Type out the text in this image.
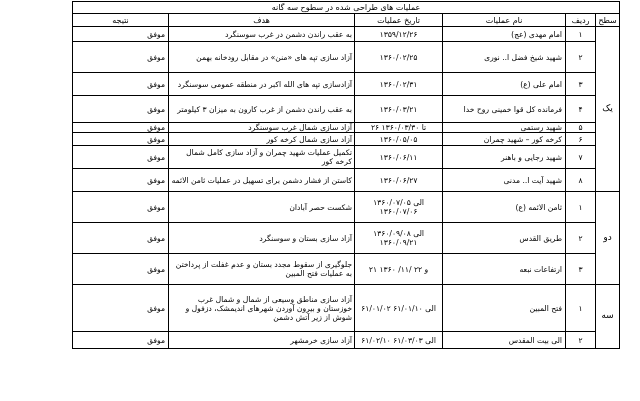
عملیات های طراحی شده در سطوح سه گانه					
سطح	ردیف	نام عملیات	تاریخ عملیات	هدف	نتیجه
یک	۱	امام مهدی (عج)	۱۳۵۹/۱۲/۲۶	به عقب راندن دشمن در غرب سوسنگرد	موفق
	۲	شهید شیخ فضل ا.. نوری	۱۳۶۰/۰۲/۲۵	آزاد سازی تپه های «منن» در مقابل رودخانه بهمن	موفق
	۳	امام علی (ع)	۱۳۶۰/۰۲/۳۱	آزادسازی تپه های الله اکبر در منطقه عمومی سوسنگرد	موفق
	۴	فرمانده کل قوا خمینی روح خدا	۱۳۶۰/۰۳/۲۱	به عقب راندن دشمن از غرب کارون به میزان ۳ کیلومتر	موفق
	۵	شهید رستمی	۲۶ تا ۱۳۶۰/۰۳/۳۰	آزاد سازی شمال غرب سوسنگرد	موفق
	۶	کرخه کور – شهید چمران	۱۳۶۰/۰۵/۰۵	آزاد سازی شمال کرخه کور	موفق
	۷	شهید رجایی و باهنر	۱۳۶۰/۰۶/۱۱	تکمیل عملیات شهید چمران و آزاد سازی کامل شمال کرخه کور	موفق
	۸	شهید آیت ا.. مدنی	۱۳۶۰/۰۶/۲۷	کاستن از فشار دشمن برای تسهیل در عملیات ثامن الائمه	موفق
دو	۱	ثامن الائمه (ع)	۱۳۶۰/۰۷/۰۵ الی ۱۳۶۰/۰۷/۰۶	شکست حصر آبادان	موفق
	۲	طریق القدس	۱۳۶۰/۰۹/۰۸ الی ۱۳۶۰/۰۹/۲۱	آزاد سازی بستان و سوسنگرد	موفق
	۳	ارتفاعات نبعه	۲۱ و ۲۲ /۱۱/ ۱۳۶۰	جلوگیری از سقوط مجدد بستان و عدم غفلت از پرداختن به عملیات فتح المبین	موفق
سه	۱	فتح المبین	۶۱/۰۱/۰۲ الی ۶۱/۰۱/۱۰	آزاد سازی مناطق وسیعی از شمال و شمال غرب خوزستان و بیرون آوردن شهرهای اندیمشک، دزفول و شوش از زیر آتش دشمن	موفق
	۲	الی بیت المقدس	۶۱/۰۲/۱۰ الی ۶۱/۰۳/۰۳	آزاد سازی خرمشهر	موفق
